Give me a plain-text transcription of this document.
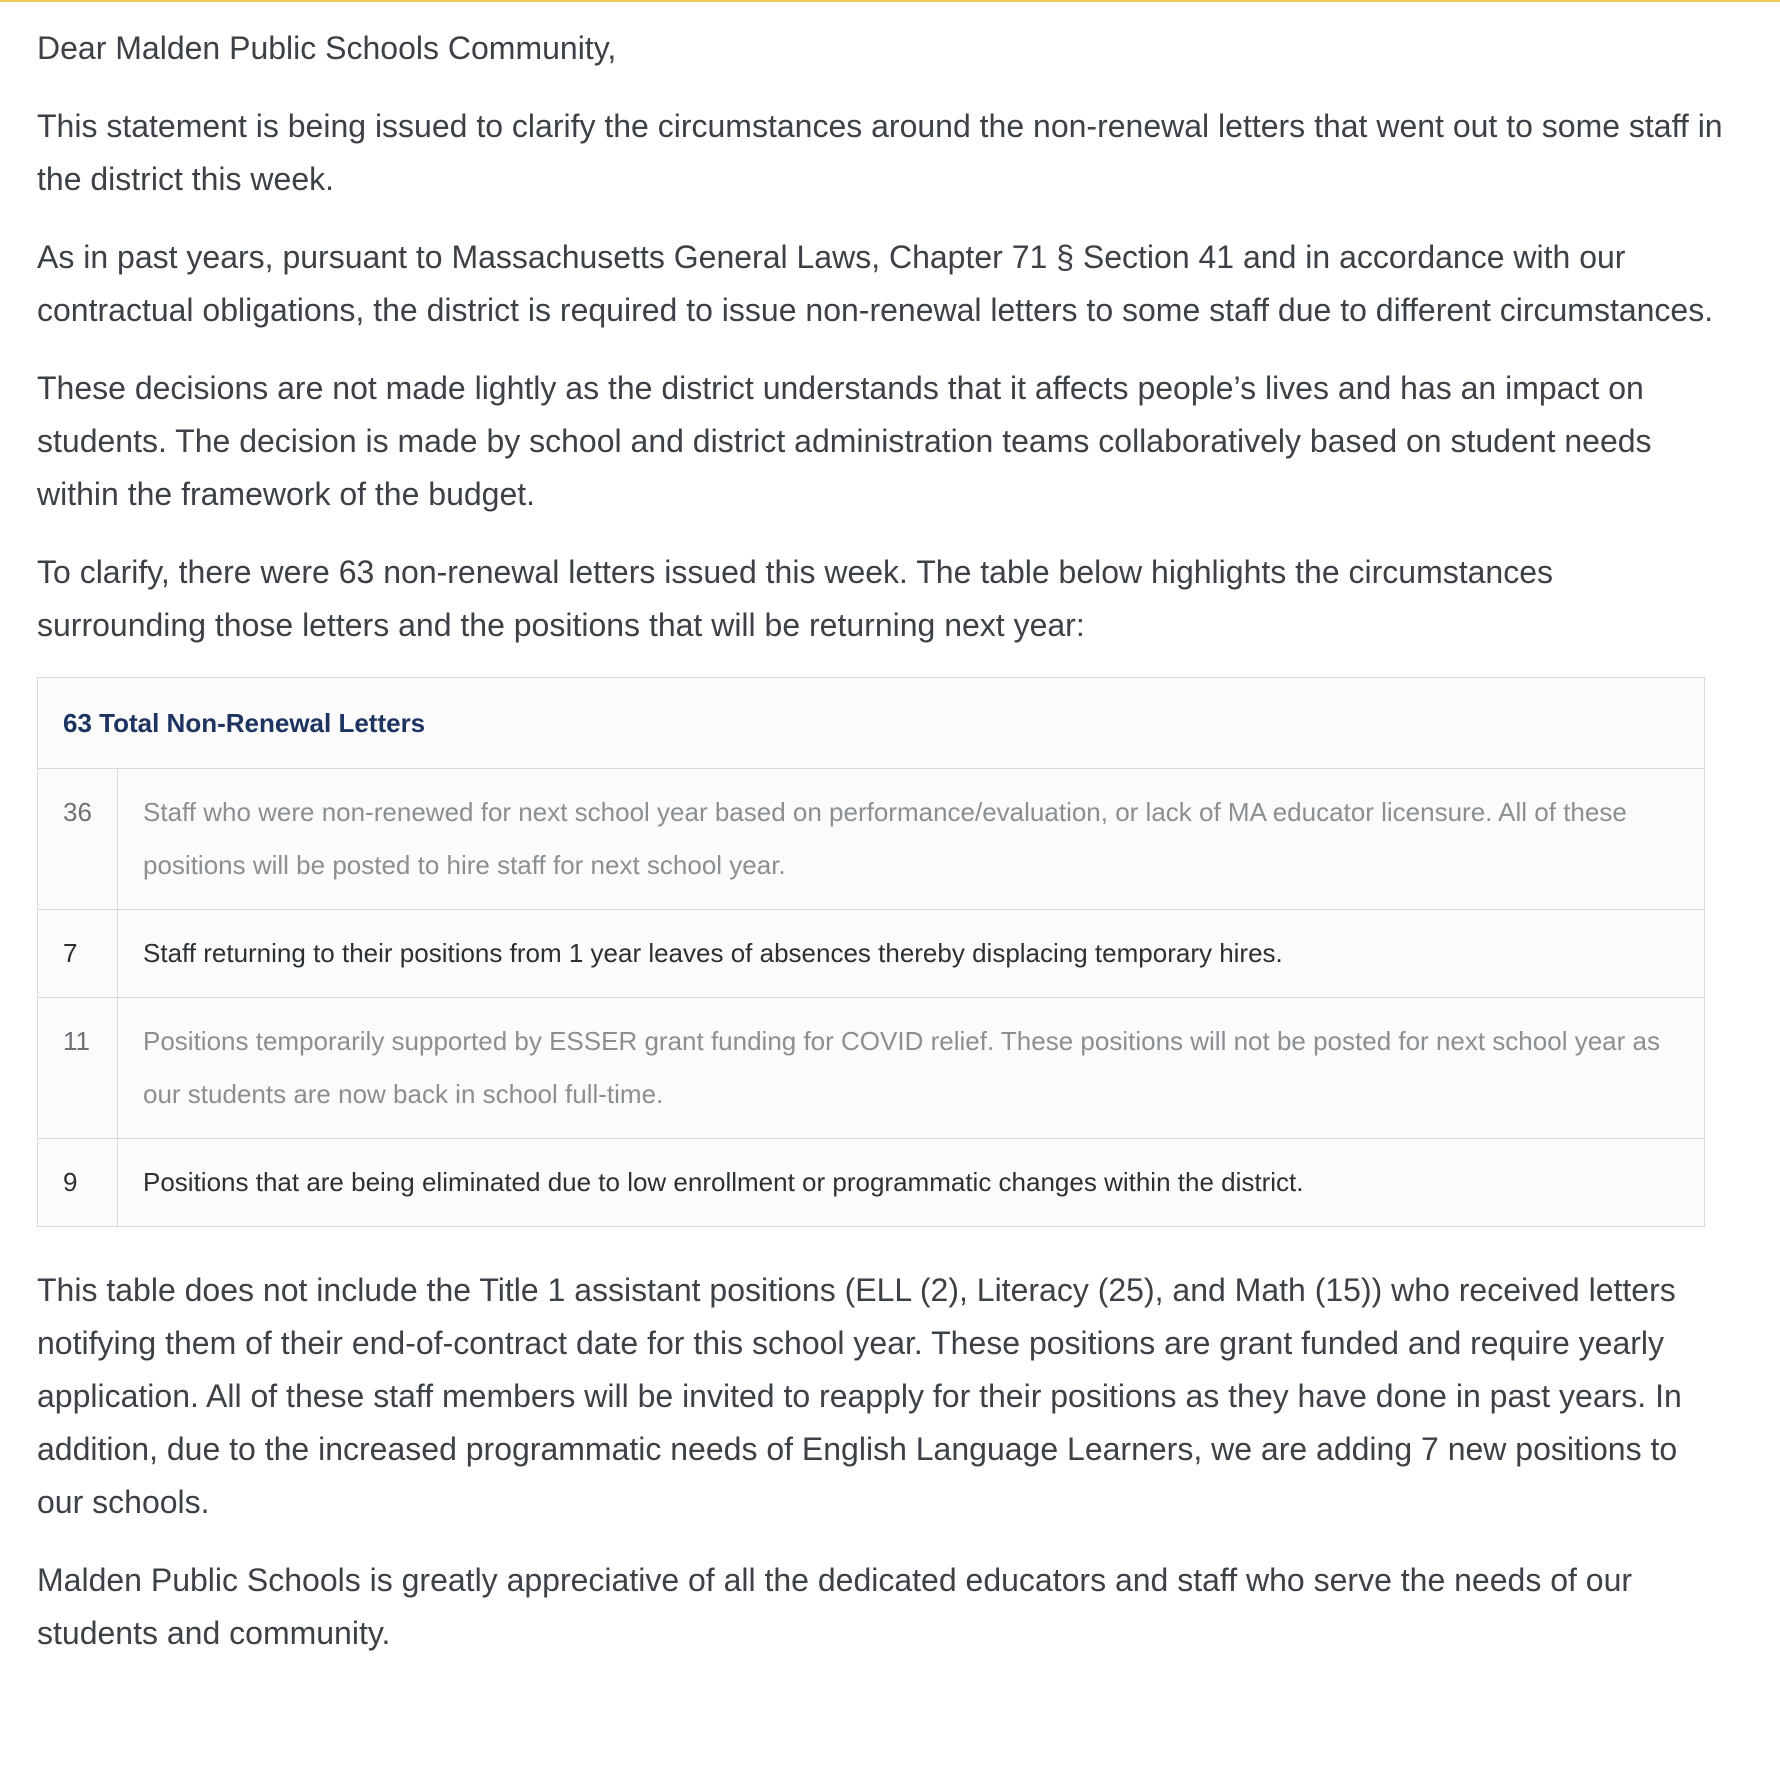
Dear Malden Public Schools Community,

This statement is being issued to clarify the circumstances around the non-renewal letters that went out to some staff in the district this week.

As in past years, pursuant to Massachusetts General Laws, Chapter 71 § Section 41 and in accordance with our contractual obligations, the district is required to issue non-renewal letters to some staff due to different circumstances.

These decisions are not made lightly as the district understands that it affects people’s lives and has an impact on students. The decision is made by school and district administration teams collaboratively based on student needs within the framework of the budget.

To clarify, there were 63 non-renewal letters issued this week. The table below highlights the circumstances surrounding those letters and the positions that will be returning next year:

63 Total Non-Renewal Letters	
36	Staff who were non-renewed for next school year based on performance/evaluation, or lack of MA educator licensure. All of these positions will be posted to hire staff for next school year.
7	Staff returning to their positions from 1 year leaves of absences thereby displacing temporary hires.
11	Positions temporarily supported by ESSER grant funding for COVID relief. These positions will not be posted for next school year as our students are now back in school full-time.
9	Positions that are being eliminated due to low enrollment or programmatic changes within the district.

This table does not include the Title 1 assistant positions (ELL (2), Literacy (25), and Math (15)) who received letters notifying them of their end-of-contract date for this school year. These positions are grant funded and require yearly application. All of these staff members will be invited to reapply for their positions as they have done in past years. In addition, due to the increased programmatic needs of English Language Learners, we are adding 7 new positions to our schools.

Malden Public Schools is greatly appreciative of all the dedicated educators and staff who serve the needs of our students and community.
